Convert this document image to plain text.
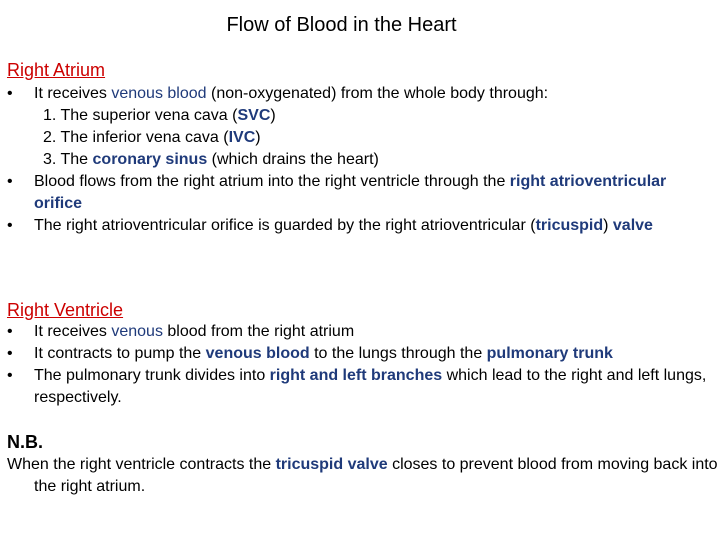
Flow of Blood in the Heart
Right Atrium
• It receives venous blood (non-oxygenated) from the whole body through:
1. The superior vena cava (SVC)
2. The inferior vena cava (IVC)
3. The coronary sinus (which drains the heart)
• Blood flows from the right atrium into the right ventricle through the right atrioventricular orifice
• The right atrioventricular orifice is guarded by the right atrioventricular (tricuspid) valve
Right Ventricle
• It receives venous blood from the right atrium
• It contracts to pump the venous blood to the lungs through the pulmonary trunk
• The pulmonary trunk divides into right and left branches which lead to the right and left lungs, respectively.
N.B.
When the right ventricle contracts the tricuspid valve closes to prevent blood from moving back into the right atrium.
